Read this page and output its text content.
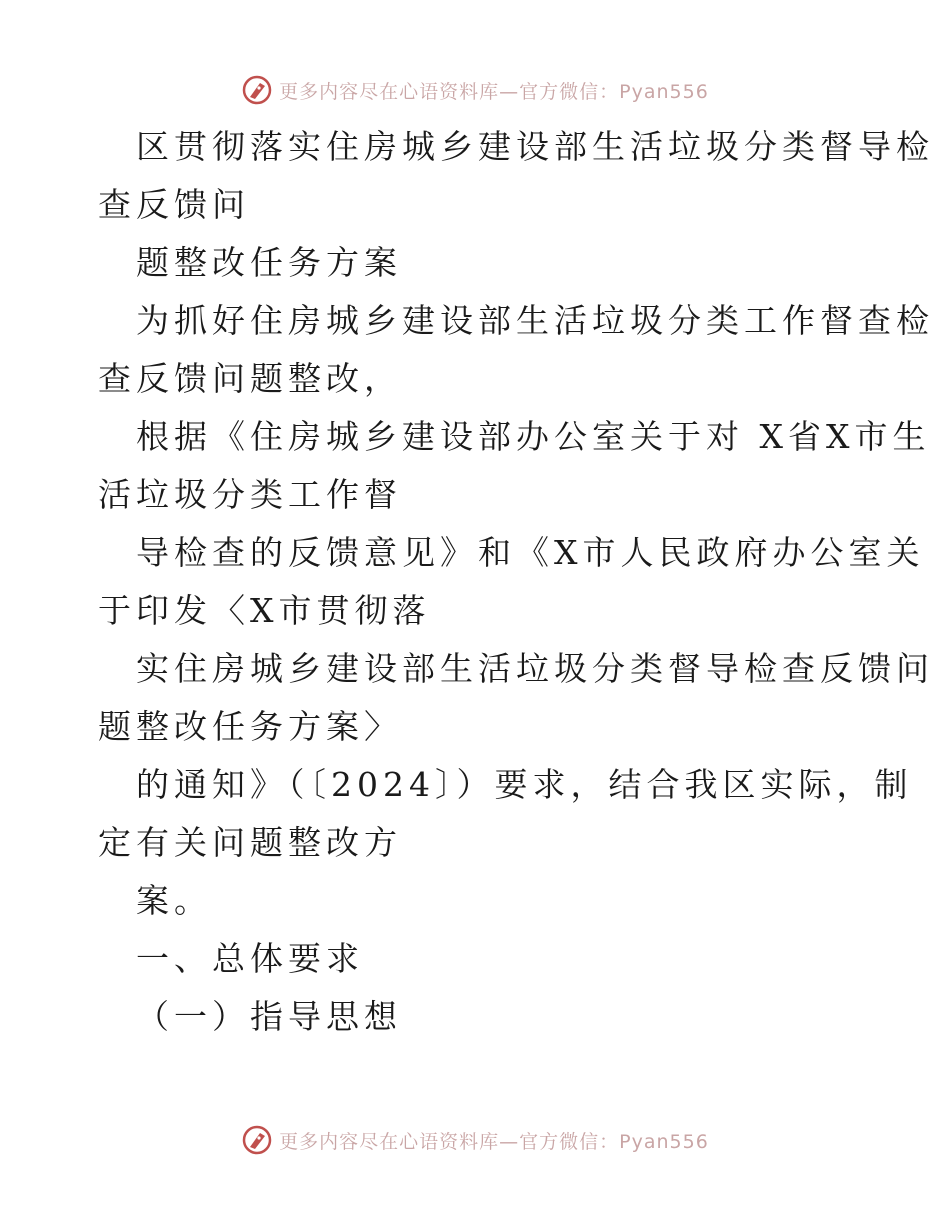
更多内容尽在心语资料库—官方微信：Pyan556
区贯彻落实住房城乡建设部生活垃圾分类督导检
查反馈问
题整改任务方案
为抓好住房城乡建设部生活垃圾分类工作督查检
查反馈问题整改，
根据《住房城乡建设部办公室关于对 X省X市生
活垃圾分类工作督
导检查的反馈意见》和《X市人民政府办公室关
于印发〈X市贯彻落
实住房城乡建设部生活垃圾分类督导检查反馈问
题整改任务方案〉
的通知》（〔2024〕）要求，结合我区实际，制
定有关问题整改方
案。
一、总体要求
（一）指导思想
更多内容尽在心语资料库—官方微信：Pyan556
